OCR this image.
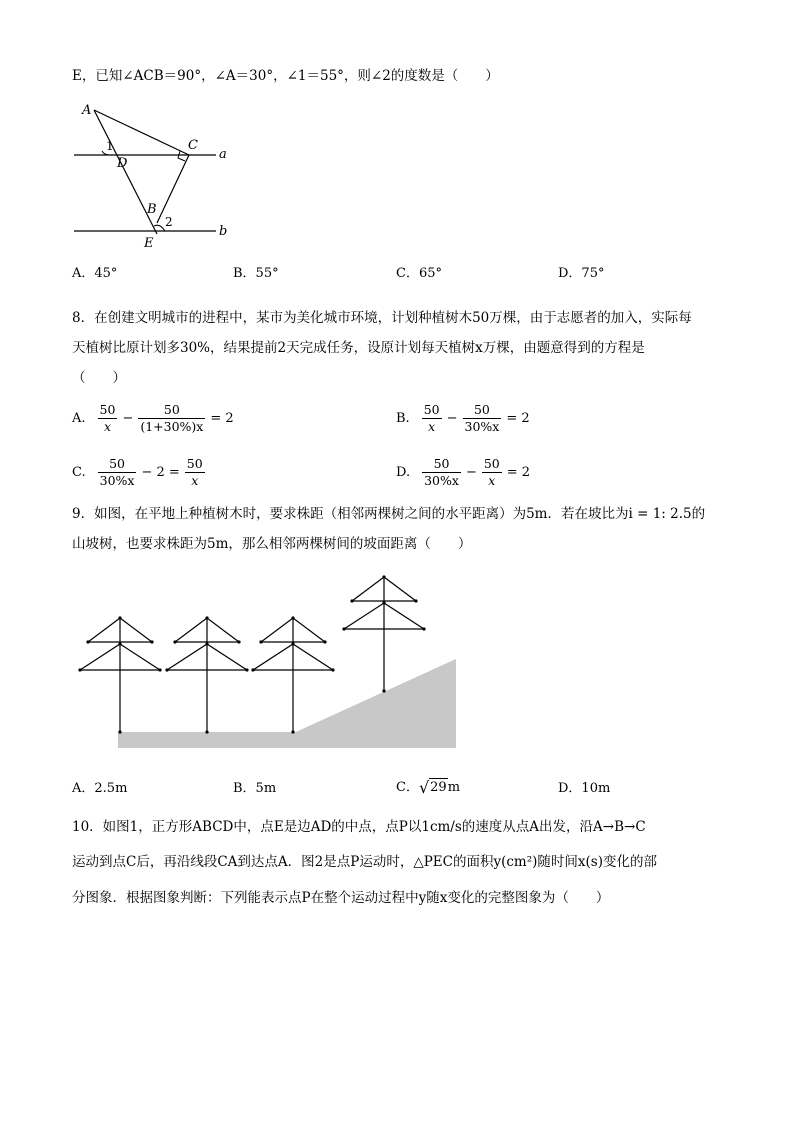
E，已知∠ACB＝90°，∠A＝30°，∠1＝55°，则∠2的度数是（　　）
A
C
1
D
a
B
2
E
b
A．45°	B．55°	C．65°	D．75°
8．在创建文明城市的进程中，某市为美化城市环境，计划种植树木50万棵，由于志愿者的加入，实际每
天植树比原计划多30%，结果提前2天完成任务，设原计划每天植树x万棵，由题意得到的方程是
（　　）
A. $\frac{50}{x} - \frac{50}{(1+30\%)x} = 2$	B. $\frac{50}{x} - \frac{50}{30\%x} = 2$
C. $\frac{50}{30\%x} - 2 = \frac{50}{x}$	D. $\frac{50}{30\%x} - \frac{50}{x} = 2$
9．如图，在平地上种植树木时，要求株距（相邻两棵树之间的水平距离）为5m．若在坡比为i = 1: 2.5的
山坡树，也要求株距为5m，那么相邻两棵树间的坡面距离（　　）
A．2.5m	B．5m	C． √ 29 m	D．10m
10．如图1，正方形ABCD中，点E是边AD的中点，点P以1cm/s的速度从点A出发，沿A→B→C
运动到点C后，再沿线段CA到达点A．图2是点P运动时，△PEC的面积y(cm²)随时间x(s)变化的部
分图象．根据图象判断：下列能表示点P在整个运动过程中y随x变化的完整图象为（　　）
